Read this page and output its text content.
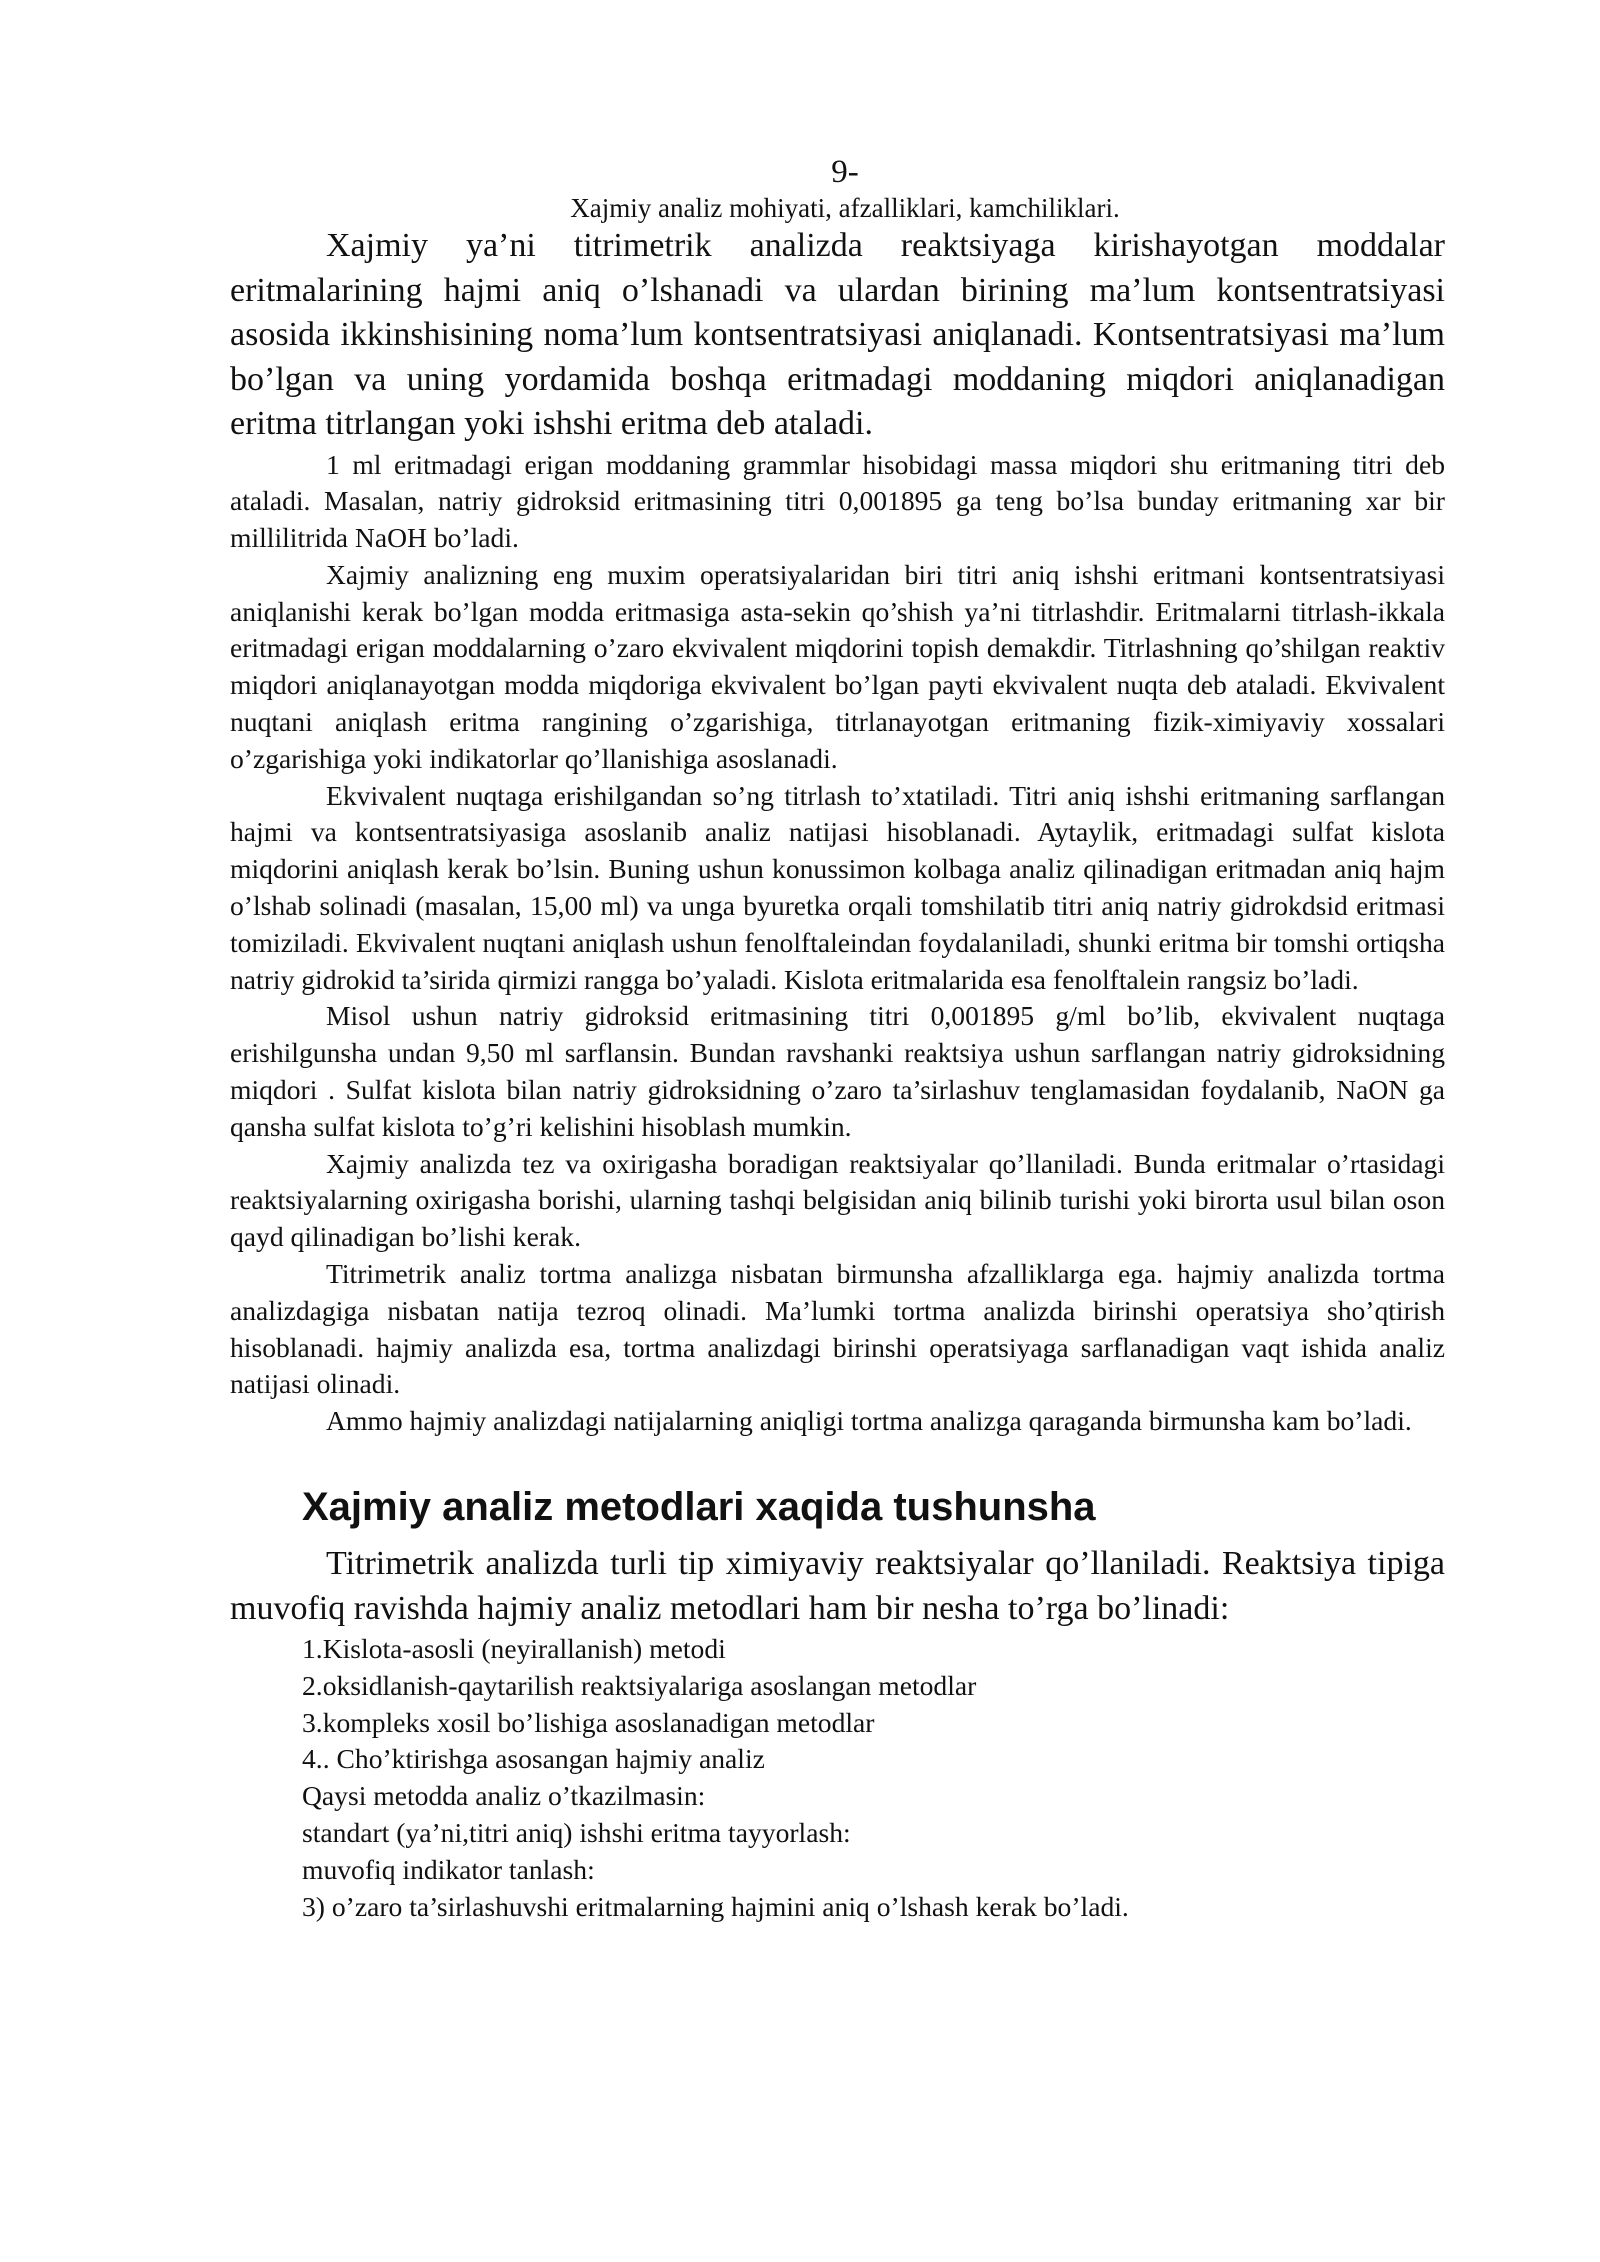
9-
Xajmiy analiz mohiyati, afzalliklari, kamchiliklari.

Xajmiy ya’ni titrimetrik analizda reaktsiyaga kirishayotgan moddalar eritmalarining hajmi aniq o’lshanadi va ulardan birining ma’lum kontsentratsiyasi asosida ikkinshisining noma’lum kontsentratsiyasi aniqlanadi. Kontsentratsiyasi ma’lum bo’lgan va uning yordamida boshqa eritmadagi moddaning miqdori aniqlanadigan eritma titrlangan yoki ishshi eritma deb ataladi.

1 ml eritmadagi erigan moddaning grammlar hisobidagi massa miqdori shu eritmaning titri deb ataladi. Masalan, natriy gidroksid eritmasining titri 0,001895 ga teng bo’lsa bunday eritmaning xar bir millilitrida NaOH bo’ladi.

Xajmiy analizning eng muxim operatsiyalaridan biri titri aniq ishshi eritmani kontsentratsiyasi aniqlanishi kerak bo’lgan modda eritmasiga asta-sekin qo’shish ya’ni titrlashdir. Eritmalarni titrlash-ikkala eritmadagi erigan moddalarning o’zaro ekvivalent miqdorini topish demakdir. Titrlashning qo’shilgan reaktiv miqdori aniqlanayotgan modda miqdoriga ekvivalent bo’lgan payti ekvivalent nuqta deb ataladi. Ekvivalent nuqtani aniqlash eritma rangining o’zgarishiga, titrlanayotgan eritmaning fizik-ximiyaviy xossalari o’zgarishiga yoki indikatorlar qo’llanishiga asoslanadi.

Ekvivalent nuqtaga erishilgandan so’ng titrlash to’xtatiladi. Titri aniq ishshi eritmaning sarflangan hajmi va kontsentratsiyasiga asoslanib analiz natijasi hisoblanadi. Aytaylik, eritmadagi sulfat kislota miqdorini aniqlash kerak bo’lsin. Buning ushun konussimon kolbaga analiz qilinadigan eritmadan aniq hajm o’lshab solinadi (masalan, 15,00 ml) va unga byuretka orqali tomshilatib titri aniq natriy gidrokdsid eritmasi tomiziladi. Ekvivalent nuqtani aniqlash ushun fenolftaleindan foydalaniladi, shunki eritma bir tomshi ortiqsha natriy gidrokid ta’sirida qirmizi rangga bo’yaladi. Kislota eritmalarida esa fenolftalein rangsiz bo’ladi.

Misol ushun natriy gidroksid eritmasining titri 0,001895 g/ml bo’lib, ekvivalent nuqtaga erishilgunsha undan 9,50 ml sarflansin. Bundan ravshanki reaktsiya ushun sarflangan natriy gidroksidning miqdori . Sulfat kislota bilan natriy gidroksidning o’zaro ta’sirlashuv tenglamasidan foydalanib, NaON ga qansha sulfat kislota to’g’ri kelishini hisoblash mumkin.

Xajmiy analizda tez va oxirigasha boradigan reaktsiyalar qo’llaniladi. Bunda eritmalar o’rtasidagi reaktsiyalarning oxirigasha borishi, ularning tashqi belgisidan aniq bilinib turishi yoki birorta usul bilan oson qayd qilinadigan bo’lishi kerak.

Titrimetrik analiz tortma analizga nisbatan birmunsha afzalliklarga ega. hajmiy analizda tortma analizdagiga nisbatan natija tezroq olinadi. Ma’lumki tortma analizda birinshi operatsiya sho’qtirish hisoblanadi. hajmiy analizda esa, tortma analizdagi birinshi operatsiyaga sarflanadigan vaqt ishida analiz natijasi olinadi.

Ammo hajmiy analizdagi natijalarning aniqligi tortma analizga qaraganda birmunsha kam bo’ladi.

Xajmiy analiz metodlari xaqida tushunsha

Titrimetrik analizda turli tip ximiyaviy reaktsiyalar qo’llaniladi. Reaktsiya tipiga muvofiq ravishda hajmiy analiz metodlari ham bir nesha to’rga bo’linadi:

1.Kislota-asosli (neyirallanish) metodi
2.oksidlanish-qaytarilish reaktsiyalariga asoslangan metodlar
3.kompleks xosil bo’lishiga asoslanadigan metodlar
4.. Cho’ktirishga asosangan hajmiy analiz
Qaysi metodda analiz o’tkazilmasin:
standart (ya’ni,titri aniq) ishshi eritma tayyorlash:
muvofiq indikator tanlash:
3) o’zaro ta’sirlashuvshi eritmalarning hajmini aniq o’lshash kerak bo’ladi.
